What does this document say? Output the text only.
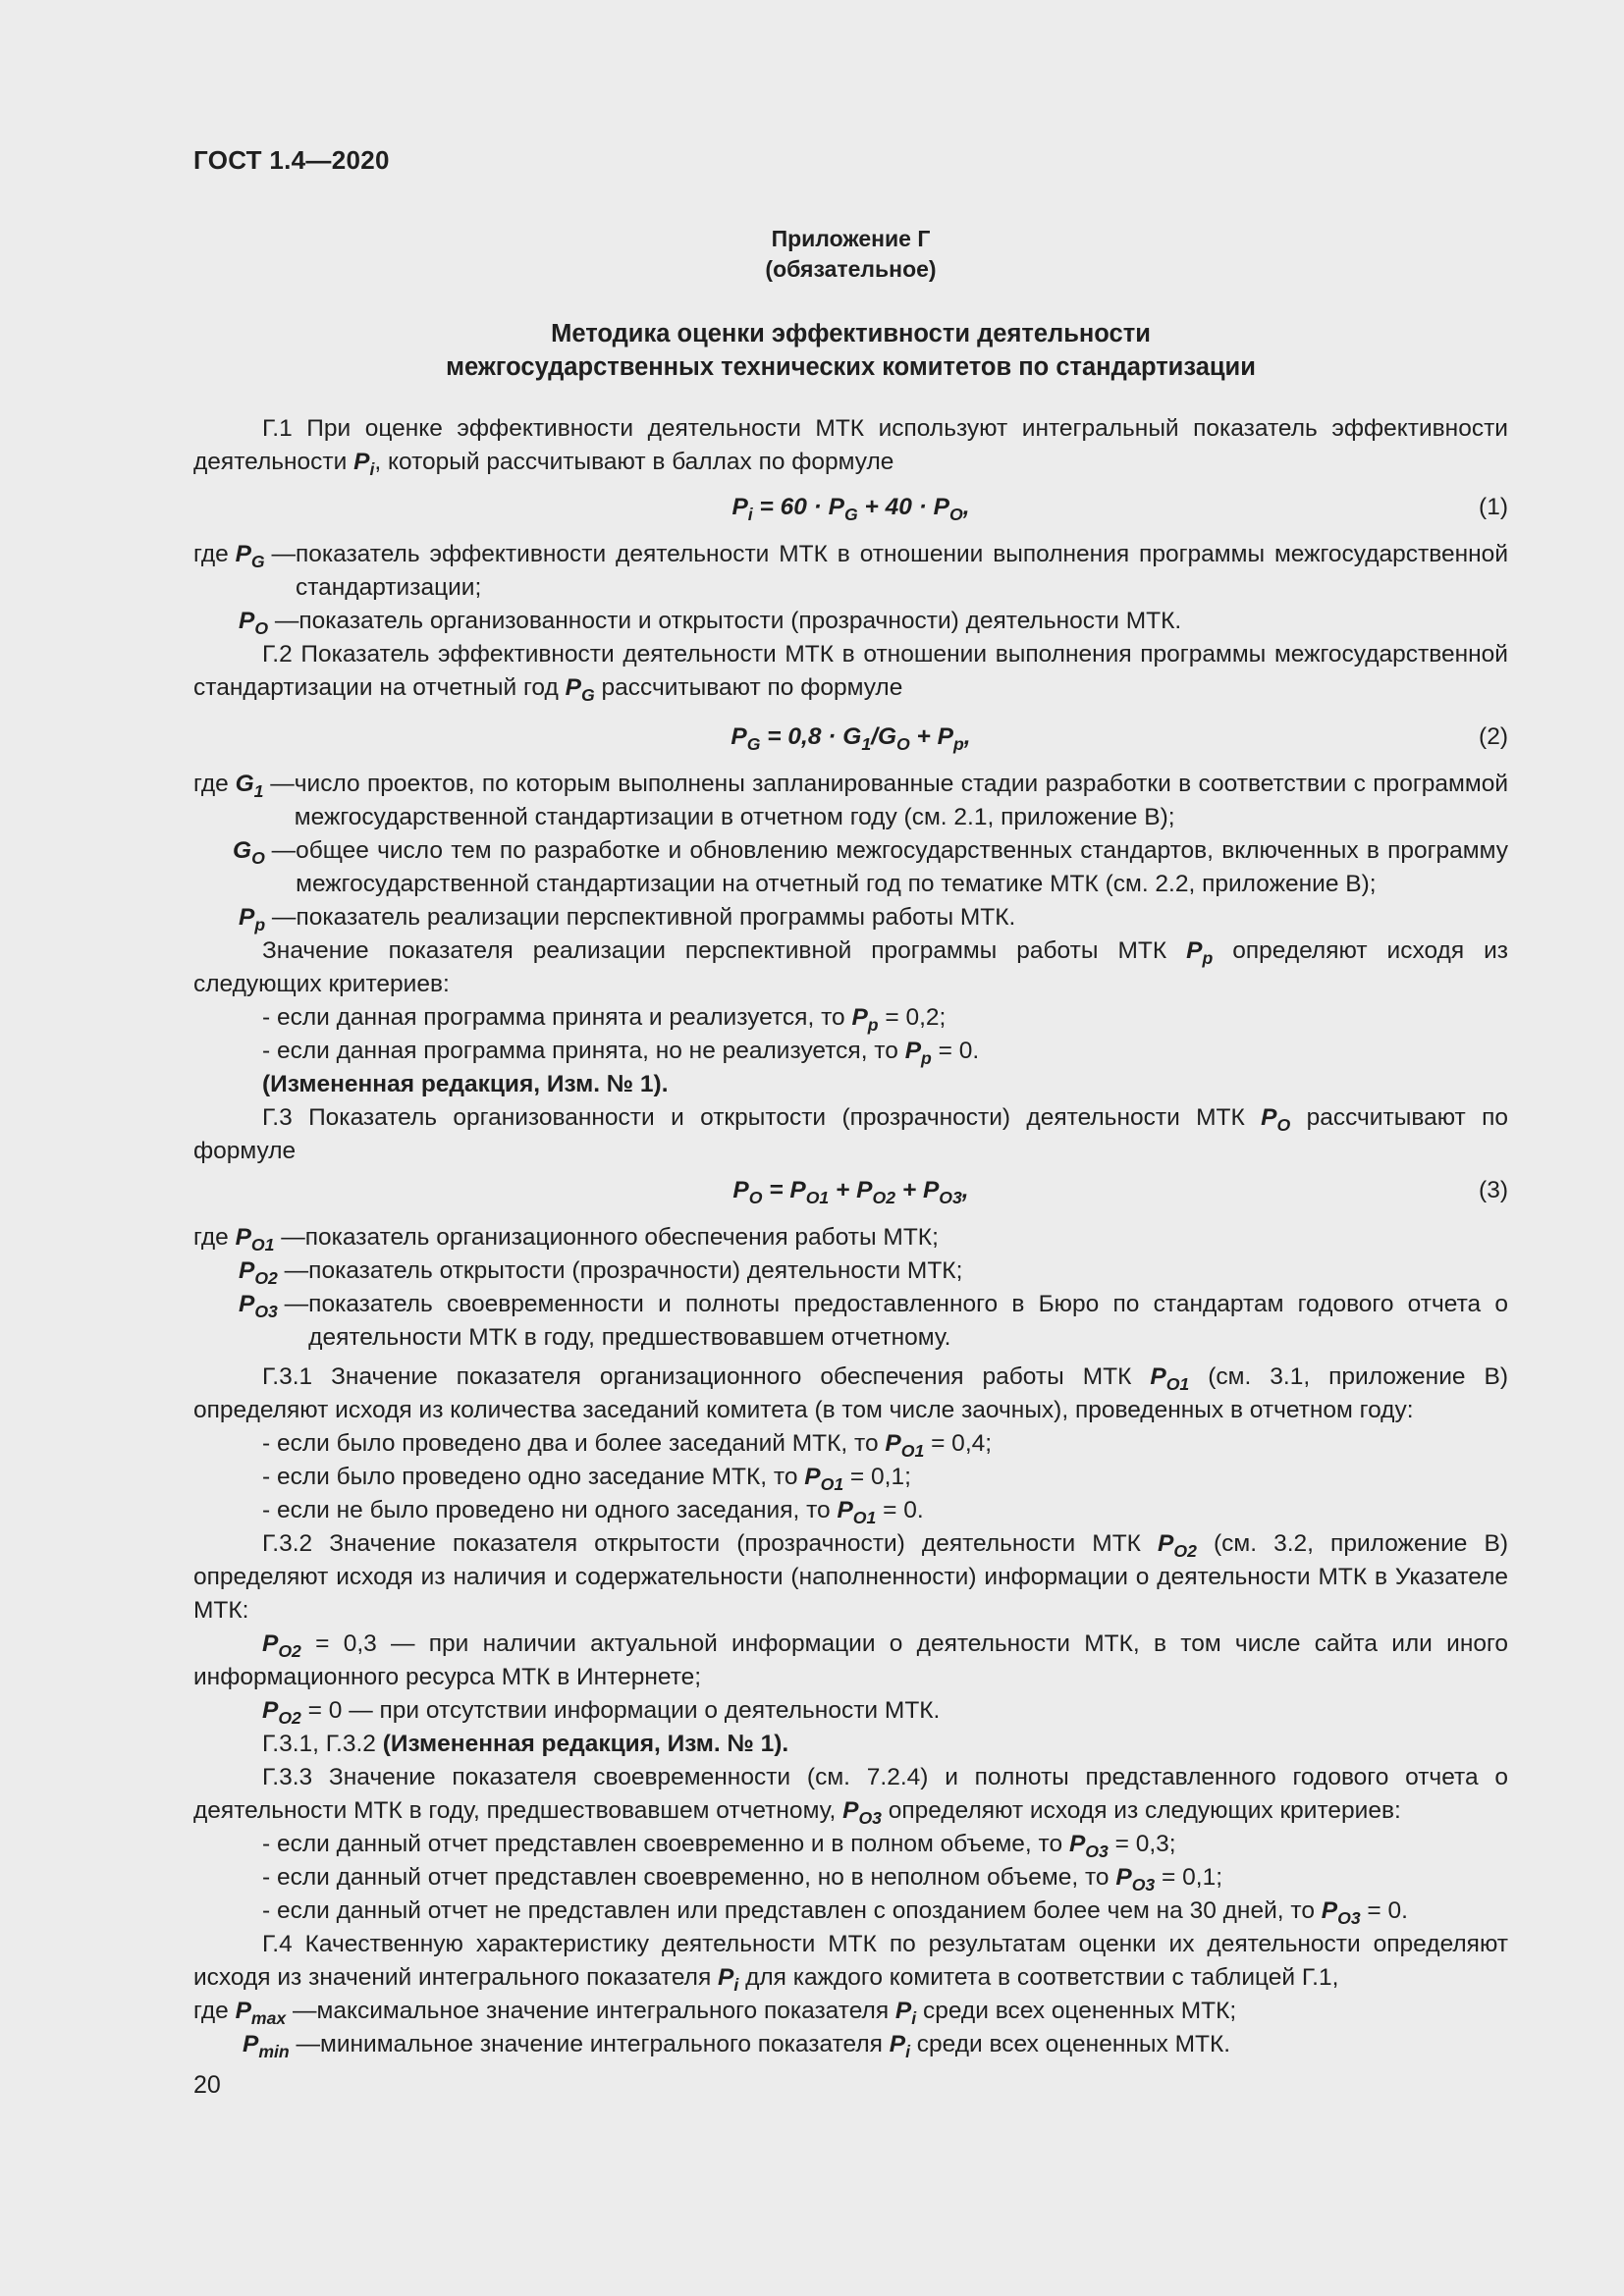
ГОСТ 1.4—2020
Приложение Г
(обязательное)
Методика оценки эффективности деятельности
межгосударственных технических комитетов по стандартизации

Г.1 При оценке эффективности деятельности МТК используют интегральный показатель эффективности деятельности $P_i$, который рассчитывают в баллах по формуле

$P_i = 60 \cdot P_G + 40 \cdot P_O$,	(1)
где $P_G$ — показатель эффективности деятельности МТК в отношении выполнения программы межгосударственной стандартизации;
$P_O$ — показатель организованности и открытости (прозрачности) деятельности МТК.

Г.2 Показатель эффективности деятельности МТК в отношении выполнения программы межгосударственной стандартизации на отчетный год $P_G$ рассчитывают по формуле

$P_G = 0,8 \cdot G_1/G_O + P_p$,	(2)
где $G_1$ — число проектов, по которым выполнены запланированные стадии разработки в соответствии с программой межгосударственной стандартизации в отчетном году (см. 2.1, приложение В);
$G_O$ — общее число тем по разработке и обновлению межгосударственных стандартов, включенных в программу межгосударственной стандартизации на отчетный год по тематике МТК (см. 2.2, приложение В);
$P_p$ — показатель реализации перспективной программы работы МТК.

Значение показателя реализации перспективной программы работы МТК $P_p$ определяют исходя из следующих критериев:

- если данная программа принята и реализуется, то $P_p = 0,2$;

- если данная программа принята, но не реализуется, то $P_p = 0$.

(Измененная редакция, Изм. № 1).

Г.3 Показатель организованности и открытости (прозрачности) деятельности МТК $P_O$ рассчитывают по формуле

$P_O = P_{O1} + P_{O2} + P_{O3}$,	(3)
где $P_{O1}$ — показатель организационного обеспечения работы МТК;
$P_{O2}$ — показатель открытости (прозрачности) деятельности МТК;
$P_{O3}$ — показатель своевременности и полноты предоставленного в Бюро по стандартам годового отчета о деятельности МТК в году, предшествовавшем отчетному.

Г.3.1 Значение показателя организационного обеспечения работы МТК $P_{O1}$ (см. 3.1, приложение В) определяют исходя из количества заседаний комитета (в том числе заочных), проведенных в отчетном году:

- если было проведено два и более заседаний МТК, то $P_{O1} = 0,4$;

- если было проведено одно заседание МТК, то $P_{O1} = 0,1$;

- если не было проведено ни одного заседания, то $P_{O1} = 0$.

Г.3.2 Значение показателя открытости (прозрачности) деятельности МТК $P_{O2}$ (см. 3.2, приложение В) определяют исходя из наличия и содержательности (наполненности) информации о деятельности МТК в Указателе МТК:

$P_{O2} = 0,3$ — при наличии актуальной информации о деятельности МТК, в том числе сайта или иного информационного ресурса МТК в Интернете;

$P_{O2} = 0$ — при отсутствии информации о деятельности МТК.

Г.3.1, Г.3.2 (Измененная редакция, Изм. № 1).

Г.3.3 Значение показателя своевременности (см. 7.2.4) и полноты представленного годового отчета о деятельности МТК в году, предшествовавшем отчетному, $P_{O3}$ определяют исходя из следующих критериев:

- если данный отчет представлен своевременно и в полном объеме, то $P_{O3} = 0,3$;

- если данный отчет представлен своевременно, но в неполном объеме, то $P_{O3} = 0,1$;

- если данный отчет не представлен или представлен с опозданием более чем на 30 дней, то $P_{O3} = 0$.

Г.4 Качественную характеристику деятельности МТК по результатам оценки их деятельности определяют исходя из значений интегрального показателя $P_i$ для каждого комитета в соответствии с таблицей Г.1,

где $P_{max}$ — максимальное значение интегрального показателя $P_i$ среди всех оцененных МТК;
$P_{min}$ — минимальное значение интегрального показателя $P_i$ среди всех оцененных МТК.
20
